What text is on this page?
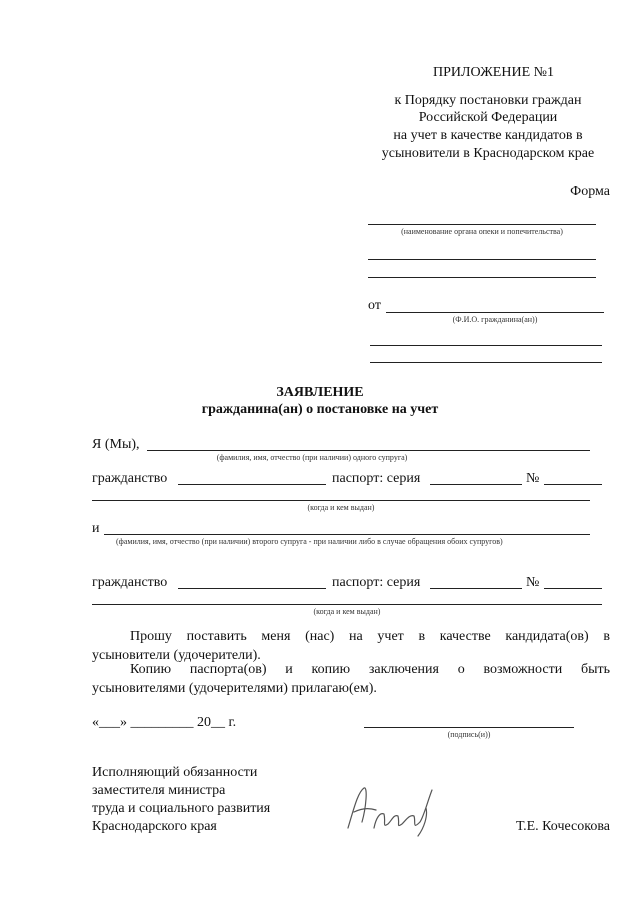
ПРИЛОЖЕНИЕ №1
к Порядку постановки граждан
Российской Федерации
на учет в качестве кандидатов в
усыновители в Краснодарском крае
Форма
(наименование органа опеки и попечительства)
от
(Ф.И.О. гражданина(ан))
ЗАЯВЛЕНИЕ
гражданина(ан) о постановке на учет
Я (Мы),
(фамилия, имя, отчество (при наличии) одного супруга)
гражданство	паспорт: серия	№
(когда и кем выдан)
и
(фамилия, имя, отчество (при наличии) второго супруга - при наличии либо в случае обращения обоих супругов)
гражданство	паспорт: серия	№
(когда и кем выдан)
Прошу поставить меня (нас) на учет в качестве кандидата(ов) в
усыновители (удочерители).
Копию паспорта(ов) и копию заключения о возможности быть
усыновителями (удочерителями) прилагаю(ем).
«___» _________ 20__ г.
(подпись(и))
Исполняющий обязанности
заместителя министра
труда и социального развития
Краснодарского края	Т.Е. Кочесокова
